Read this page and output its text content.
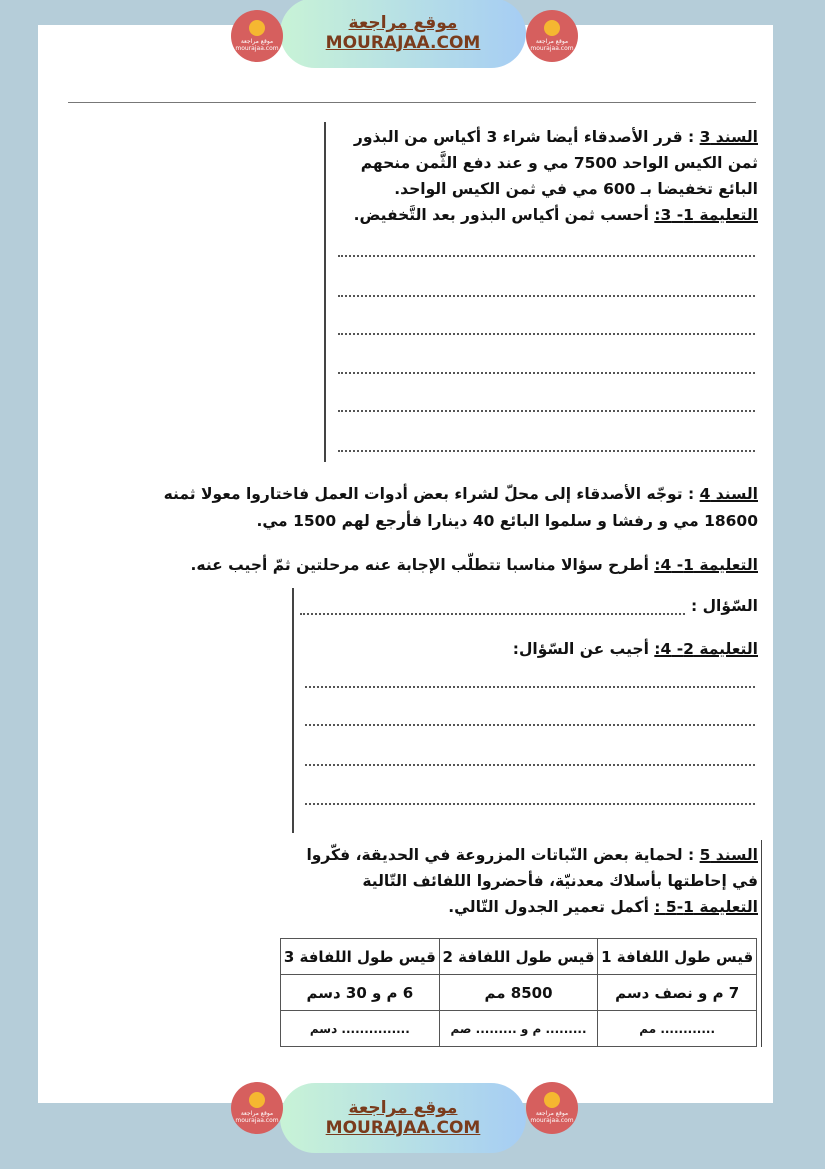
موقع مراجعة
MOURAJAA.COM
موقع مراجعة mourajaa.com
موقع مراجعة mourajaa.com
السند 3 : قرر الأصدقاء أيضا شراء 3 أكياس من البذور
ثمن الكيس الواحد 7500 مي و عند دفع الثَّمن منحهم
البائع تخفيضا بـ 600 مي في ثمن الكيس الواحد.
التعليمة 1- 3: أحسب ثمن أكياس البذور بعد التَّخفيض.
السند 4 : توجّه الأصدقاء إلى محلّ لشراء بعض أدوات العمل فاختاروا معولا ثمنه
18600 مي و رفشا و سلموا البائع 40 دينارا فأرجع لهم 1500 مي.
التعليمة 1- 4: أطرح سؤالا مناسبا تتطلّب الإجابة عنه مرحلتين ثمّ أجيب عنه.
السّؤال :
التعليمة 2- 4: أجيب عن السّؤال:
السند 5 : لحماية بعض النّباتات المزروعة في الحديقة، فكّروا
في إحاطتها بأسلاك معدنيّة، فأحضروا اللفائف التّالية
التعليمة 1-5 : أكمل تعمير الجدول التّالي.
قيس طول اللفافة 1	قيس طول اللفافة 2	قيس طول اللفافة 3
7 م و نصف دسم	8500 مم	6 م و 30 دسم
............ مم	......... م و ......... صم	............... دسم
موقع مراجعة
MOURAJAA.COM
موقع مراجعة mourajaa.com
موقع مراجعة mourajaa.com
